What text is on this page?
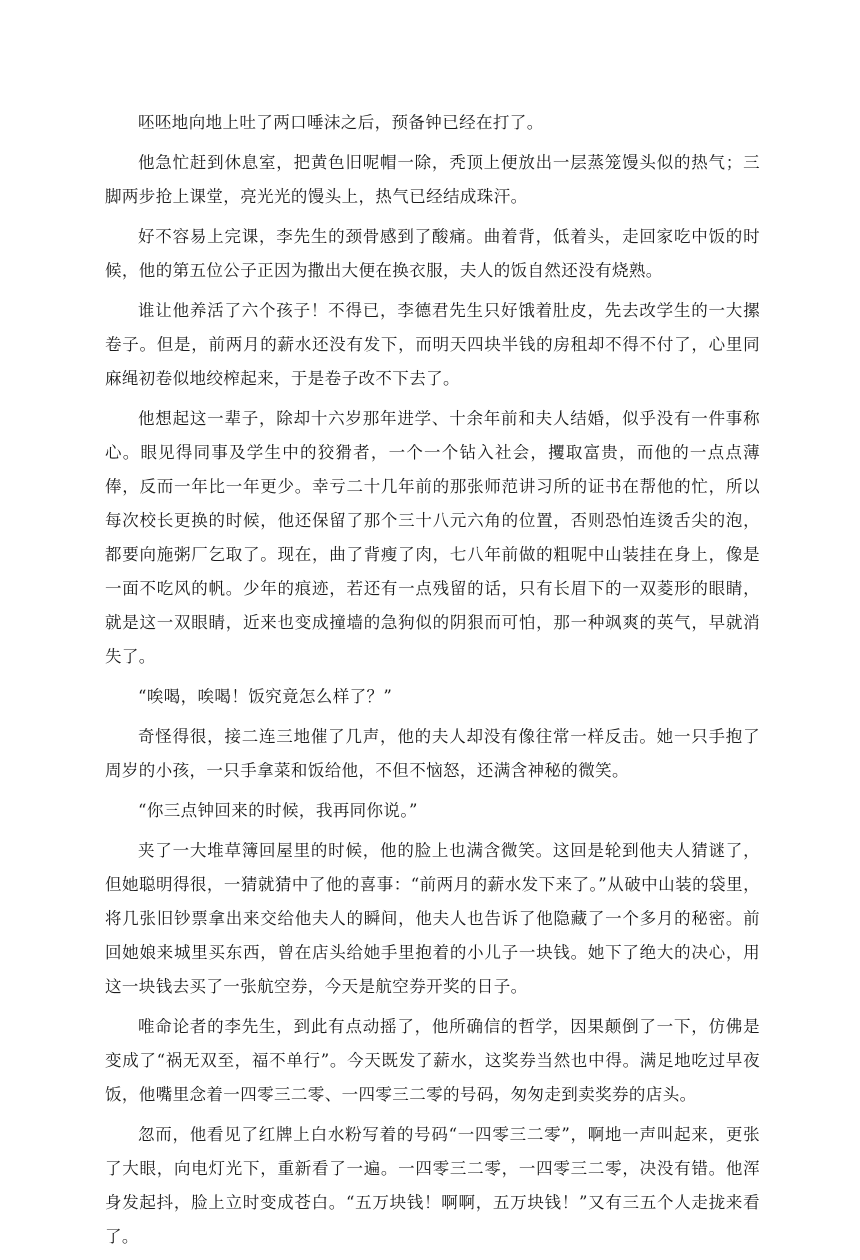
呸呸地向地上吐了两口唾沫之后，预备钟已经在打了。

他急忙赶到休息室，把黄色旧呢帽一除，秃顶上便放出一层蒸笼馒头似的热气；三脚两步抢上课堂，亮光光的馒头上，热气已经结成珠汗。

好不容易上完课，李先生的颈骨感到了酸痛。曲着背，低着头，走回家吃中饭的时候，他的第五位公子正因为撒出大便在换衣服，夫人的饭自然还没有烧熟。

谁让他养活了六个孩子！不得已，李德君先生只好饿着肚皮，先去改学生的一大摞卷子。但是，前两月的薪水还没有发下，而明天四块半钱的房租却不得不付了，心里同麻绳初卷似地绞榨起来，于是卷子改不下去了。

他想起这一辈子，除却十六岁那年进学、十余年前和夫人结婚，似乎没有一件事称心。眼见得同事及学生中的狡猾者，一个一个钻入社会，攫取富贵，而他的一点点薄俸，反而一年比一年更少。幸亏二十几年前的那张师范讲习所的证书在帮他的忙，所以每次校长更换的时候，他还保留了那个三十八元六角的位置，否则恐怕连烫舌尖的泡，都要向施粥厂乞取了。现在，曲了背瘦了肉，七八年前做的粗呢中山装挂在身上，像是一面不吃风的帆。少年的痕迹，若还有一点残留的话，只有长眉下的一双菱形的眼睛，就是这一双眼睛，近来也变成撞墙的急狗似的阴狠而可怕，那一种飒爽的英气，早就消失了。

“唉喝，唉喝！饭究竟怎么样了？”

奇怪得很，接二连三地催了几声，他的夫人却没有像往常一样反击。她一只手抱了周岁的小孩，一只手拿菜和饭给他，不但不恼怒，还满含神秘的微笑。

“你三点钟回来的时候，我再同你说。”

夹了一大堆草簿回屋里的时候，他的脸上也满含微笑。这回是轮到他夫人猜谜了，但她聪明得很，一猜就猜中了他的喜事：“前两月的薪水发下来了。”从破中山装的袋里，将几张旧钞票拿出来交给他夫人的瞬间，他夫人也告诉了他隐藏了一个多月的秘密。前回她娘来城里买东西，曾在店头给她手里抱着的小儿子一块钱。她下了绝大的决心，用这一块钱去买了一张航空券，今天是航空券开奖的日子。

唯命论者的李先生，到此有点动摇了，他所确信的哲学，因果颠倒了一下，仿佛是变成了“祸无双至，福不单行”。今天既发了薪水，这奖券当然也中得。满足地吃过早夜饭，他嘴里念着一四零三二零、一四零三二零的号码，匆匆走到卖奖券的店头。

忽而，他看见了红牌上白水粉写着的号码“一四零三二零”，啊地一声叫起来，更张了大眼，向电灯光下，重新看了一遍。一四零三二零，一四零三二零，决没有错。他浑身发起抖，脸上立时变成苍白。“五万块钱！啊啊，五万块钱！”又有三五个人走拢来看了。
